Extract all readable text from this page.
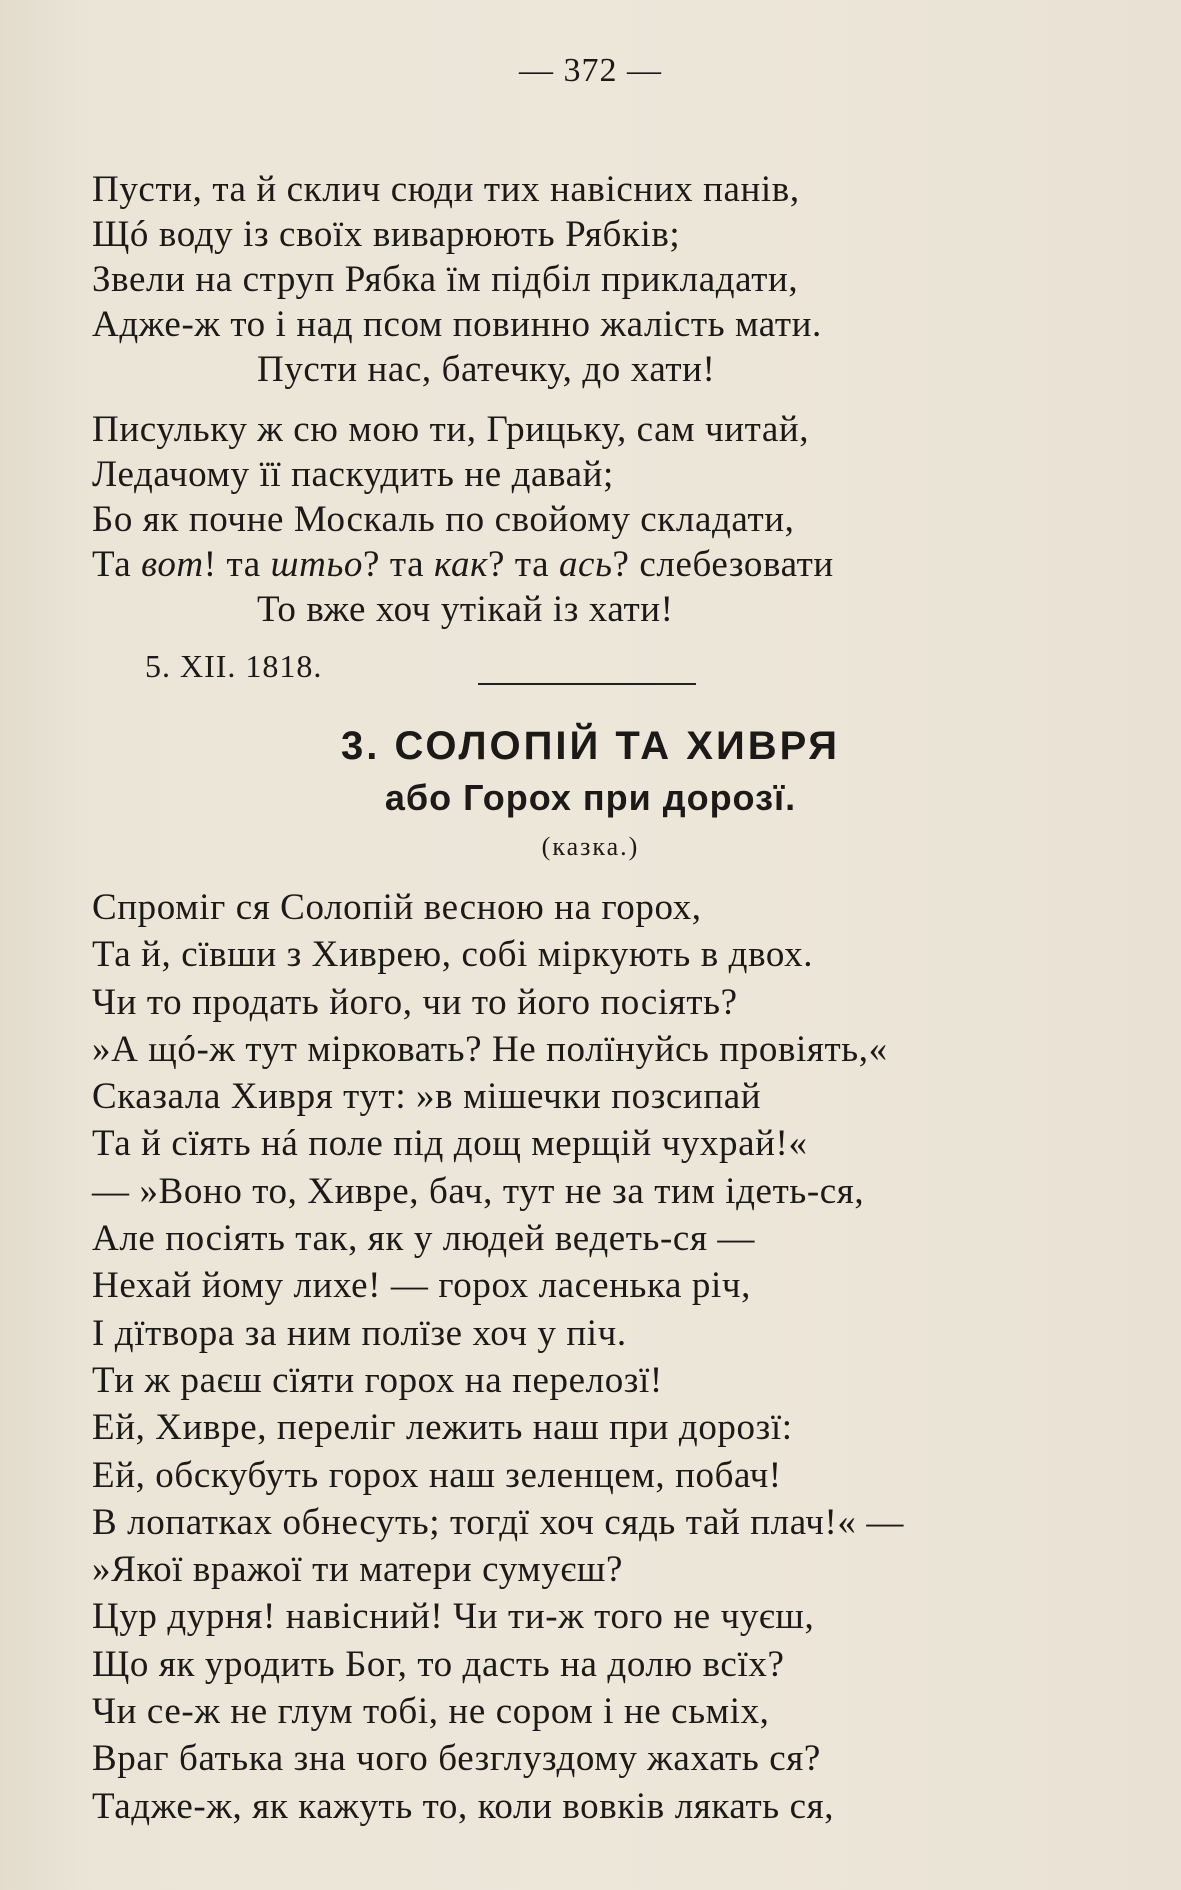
— 372 —
Пусти, та й склич сюди тих навісних панів,
Щó воду із своїх виварюють Рябків;
Звели на струп Рябка їм підбіл прикладати,
Адже-ж то і над псом повинно жалість мати.
Пусти нас, батечку, до хати!
Писульку ж сю мою ти, Грицьку, сам читай,
Ледачому її паскудить не давай;
Бо як почне Москаль по свойому складати,
Та вот! та штьо? та как? та ась? слебезовати
То вже хоч утікай із хати!
5. XII. 1818.
3. СОЛОПІЙ ТА ХИВРЯ
або Горох при дорозї.
(казка.)
Спроміг ся Солопій весною на горох,
Та й, сївши з Хиврею, собі міркують в двох.
Чи то продать його, чи то його посіять?
»А щó-ж тут мірковать? Не полїнуйсь провіять,«
Сказала Хивря тут: »в мішечки позсипай
Та й сїять нá поле під дощ мерщій чухрай!«
— »Воно то, Хивре, бач, тут не за тим ідеть-ся,
Але посіять так, як у людей ведеть-ся —
Нехай йому лихе! — горох ласенька річ,
І дїтвора за ним полїзе хоч у піч.
Ти ж раєш сїяти горох на перелозї!
Ей, Хивре, переліг лежить наш при дорозї:
Ей, обскубуть горох наш зеленцем, побач!
В лопатках обнесуть; тогдї хоч сядь тай плач!« —
»Якої вражої ти матери сумуєш?
Цур дурня! навісний! Чи ти-ж того не чуєш,
Що як уродить Бог, то дасть на долю всїх?
Чи се-ж не глум тобі, не сором і не сьміх,
Враг батька зна чого безглуздому жахать ся?
Тадже-ж, як кажуть то, коли вовків лякать ся,
